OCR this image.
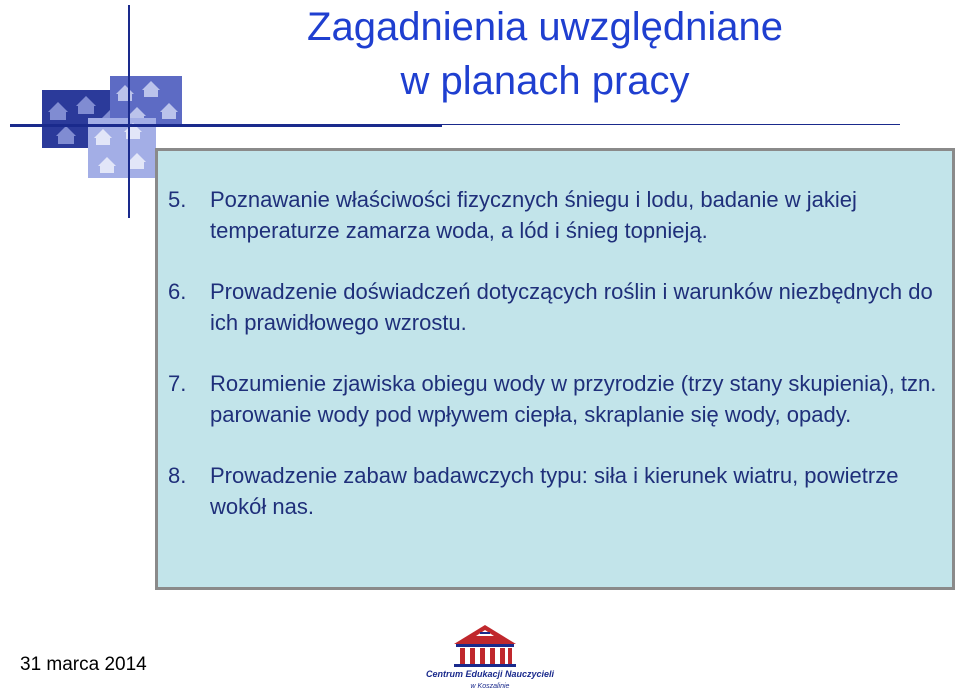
Zagadnienia uwzględniane
w planach pracy
5. Poznawanie właściwości fizycznych śniegu i lodu, badanie w jakiej temperaturze zamarza woda, a lód i śnieg topnieją.
6. Prowadzenie doświadczeń dotyczących roślin i warunków niezbędnych do ich prawidłowego wzrostu.
7. Rozumienie zjawiska obiegu wody w przyrodzie (trzy stany skupienia), tzn. parowanie wody pod wpływem ciepła, skraplanie się wody, opady.
8. Prowadzenie zabaw badawczych typu: siła i kierunek wiatru, powietrze wokół nas.
31 marca 2014	Centrum Edukacji Nauczycieli
w Koszalinie
